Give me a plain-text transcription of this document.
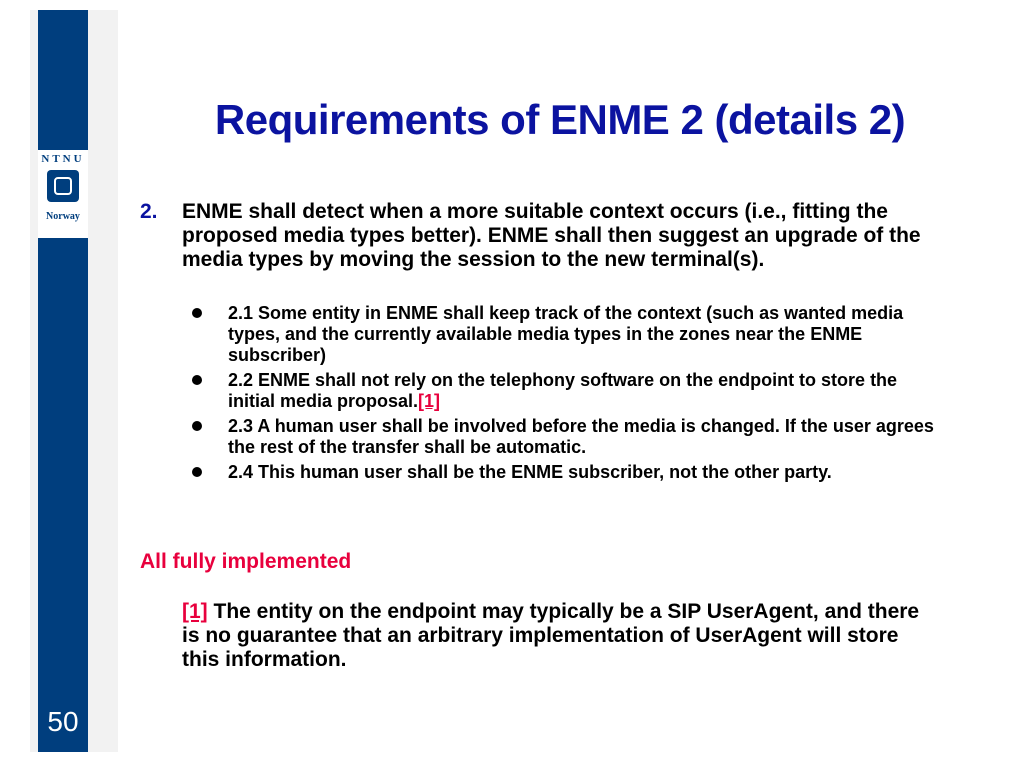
NTNU
Norway
50
Requirements of ENME 2 (details 2)
2. ENME shall detect when a more suitable context occurs (i.e., fitting the proposed media types better). ENME shall then suggest an upgrade of the media types by moving the session to the new terminal(s).
2.1 Some entity in ENME shall keep track of the context (such as wanted media types, and the currently available media types in the zones near the ENME subscriber)
2.2 ENME shall not rely on the telephony software on the endpoint to store the initial media proposal.[1]
2.3 A human user shall be involved before the media is changed. If the user agrees the rest of the transfer shall be automatic.
2.4 This human user shall be the ENME subscriber, not the other party.
All fully implemented
[1] The entity on the endpoint may typically be a SIP UserAgent, and there is no guarantee that an arbitrary implementation of UserAgent will store this information.
